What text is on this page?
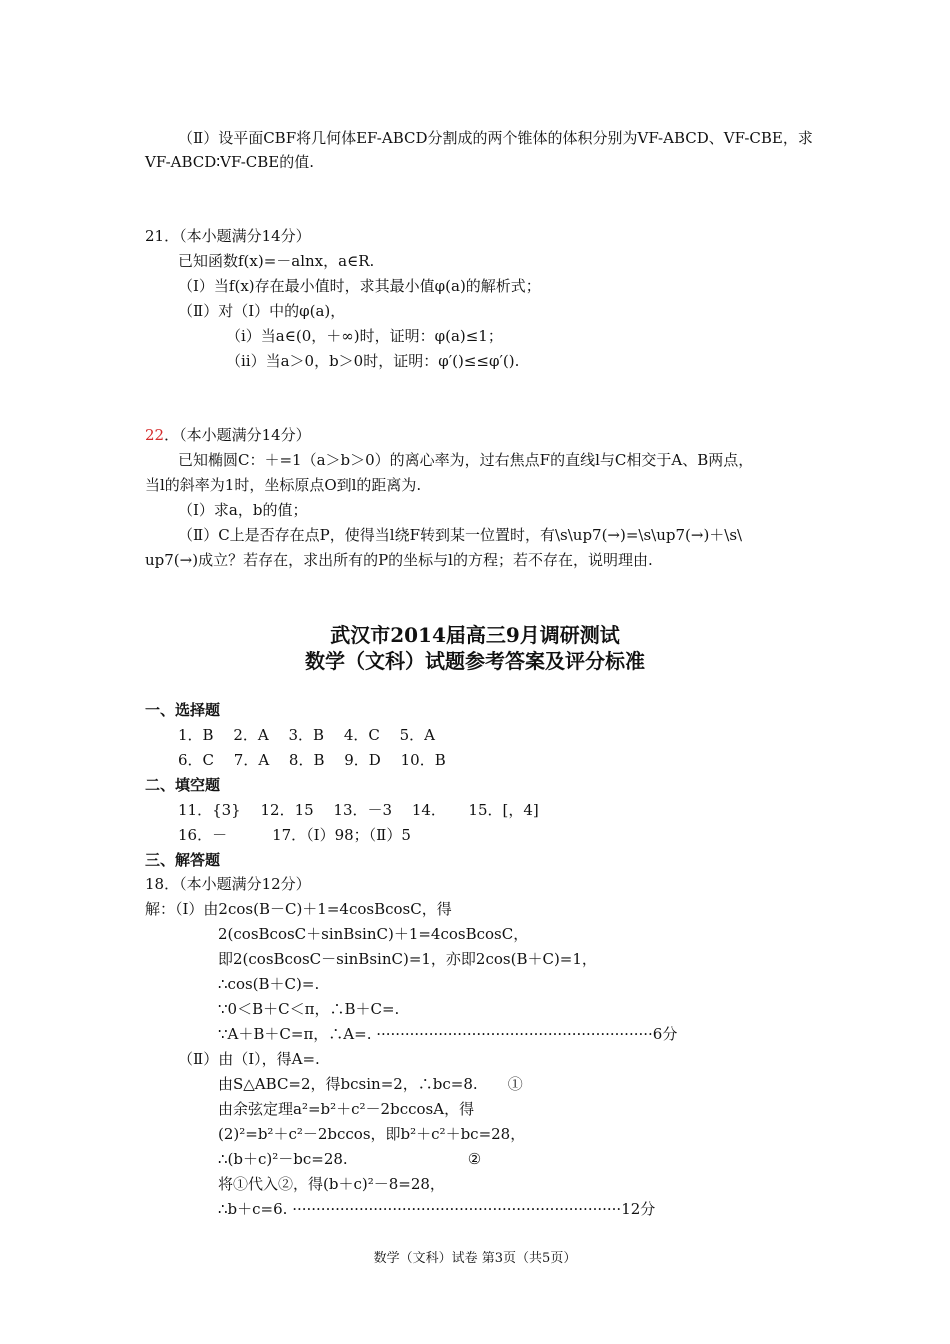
（Ⅱ）设平面CBF将几何体EF-ABCD分割成的两个锥体的体积分别为VF-ABCD、VF-CBE，求
VF-ABCD∶VF-CBE的值.
21．（本小题满分14分）
已知函数f(x)=－alnx，a∈R.
（Ⅰ）当f(x)存在最小值时，求其最小值φ(a)的解析式；
（Ⅱ）对（Ⅰ）中的φ(a)，
（ⅰ）当a∈(0，＋∞)时，证明：φ(a)≤1；
（ⅱ）当a＞0，b＞0时，证明：φ′()≤≤φ′().
22．（本小题满分14分）
已知椭圆C：＋=1（a＞b＞0）的离心率为，过右焦点F的直线l与C相交于A、B两点，
当l的斜率为1时，坐标原点O到l的距离为.
（Ⅰ）求a，b的值；
（Ⅱ）C上是否存在点P，使得当l绕F转到某一位置时，有\s\up7(→)=\s\up7(→)＋\s\
up7(→)成立？若存在，求出所有的P的坐标与l的方程；若不存在，说明理由.
武汉市2014届高三9月调研测试
数学（文科）试题参考答案及评分标准
一、选择题
1．B　 2．A　 3．B　 4．C　 5．A
6．C　 7．A　 8．B　 9．D　 10．B
二、填空题
11．{3}　 12．15　 13．－3　 14．　　15．[，4]
16．－　　　17．（Ⅰ）98；（Ⅱ）5
三、解答题
18．（本小题满分12分）
解：（Ⅰ）由2cos(B－C)＋1=4cosBcosC，得
2(cosBcosC＋sinBsinC)＋1=4cosBcosC，
即2(cosBcosC－sinBsinC)=1，亦即2cos(B＋C)=1，
∴cos(B＋C)=.
∵0＜B＋C＜π，∴B＋C=.
∵A＋B＋C=π，∴A=. ··························································6分
（Ⅱ）由（Ⅰ），得A=.
由S△ABC=2，得bcsin=2，∴bc=8.　　①
由余弦定理a²=b²＋c²－2bccosA，得
(2)²=b²＋c²－2bccos，即b²＋c²＋bc=28，
∴(b＋c)²－bc=28.　　　　　　　　②
将①代入②，得(b＋c)²－8=28，
∴b＋c=6. ·····································································12分
数学（文科）试卷 第3页（共5页）
